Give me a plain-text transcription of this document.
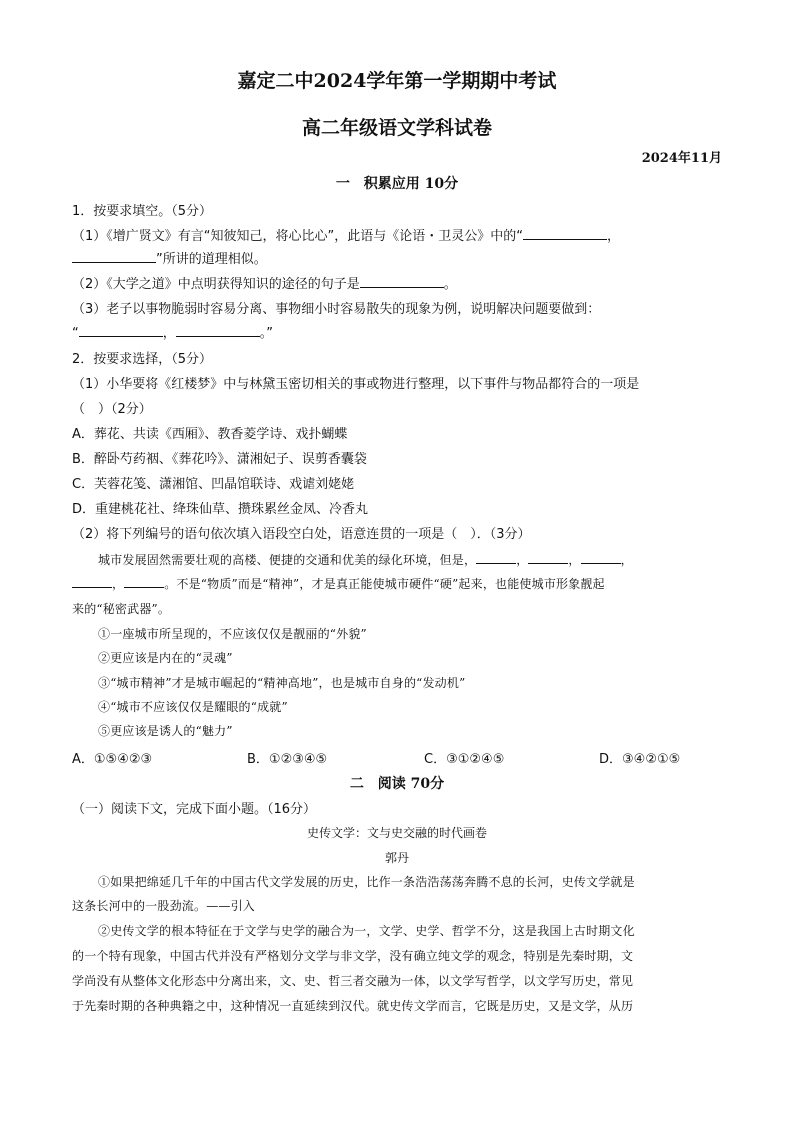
嘉定二中2024学年第一学期期中考试
高二年级语文学科试卷
2024年11月
一　积累应用 10分
1．按要求填空。（5分）
（1）《增广贤文》有言“知彼知己，将心比心”，此语与《论语・卫灵公》中的“	，
”所讲的道理相似。
（2）《大学之道》中点明获得知识的途径的句子是	。
（3）老子以事物脆弱时容易分离、事物细小时容易散失的现象为例，说明解决问题要做到：
“	，	。”
2．按要求选择，（5分）
（1）小华要将《红楼梦》中与林黛玉密切相关的事或物进行整理，以下事件与物品都符合的一项是
（　）（2分）
A．葬花、共读《西厢》、教香菱学诗、戏扑蝴蝶
B．醉卧芍药裀、《葬花吟》、潇湘妃子、误剪香囊袋
C．芙蓉花笺、潇湘馆、凹晶馆联诗、戏谑刘姥姥
D．重建桃花社、绛珠仙草、攒珠累丝金凤、冷香丸
（2）将下列编号的语句依次填入语段空白处，语意连贯的一项是（　）．（3分）
城市发展固然需要壮观的高楼、便捷的交通和优美的绿化环境，但是，	，	，	，
，	。不是“物质”而是“精神”，才是真正能使城市硬件“硬”起来，也能使城市形象靓起
来的“秘密武器”。
①一座城市所呈现的，不应该仅仅是靓丽的“外貌”
②更应该是内在的“灵魂”
③“城市精神”才是城市崛起的“精神高地”，也是城市自身的“发动机”
④“城市不应该仅仅是耀眼的“成就”
⑤更应该是诱人的“魅力”
A．①⑤④②③	B．①②③④⑤	C．③①②④⑤	D．③④②①⑤
二　阅读 70分
（一）阅读下文，完成下面小题。（16分）
史传文学：文与史交融的时代画卷
郭丹
①如果把绵延几千年的中国古代文学发展的历史，比作一条浩浩荡荡奔腾不息的长河，史传文学就是
这条长河中的一股劲流。——引入
②史传文学的根本特征在于文学与史学的融合为一，文学、史学、哲学不分，这是我国上古时期文化
的一个特有现象，中国古代并没有严格划分文学与非文学，没有确立纯文学的观念，特别是先秦时期，文
学尚没有从整体文化形态中分离出来，文、史、哲三者交融为一体，以文学写哲学，以文学写历史，常见
于先秦时期的各种典籍之中，这种情况一直延续到汉代。就史传文学而言，它既是历史，又是文学，从历
